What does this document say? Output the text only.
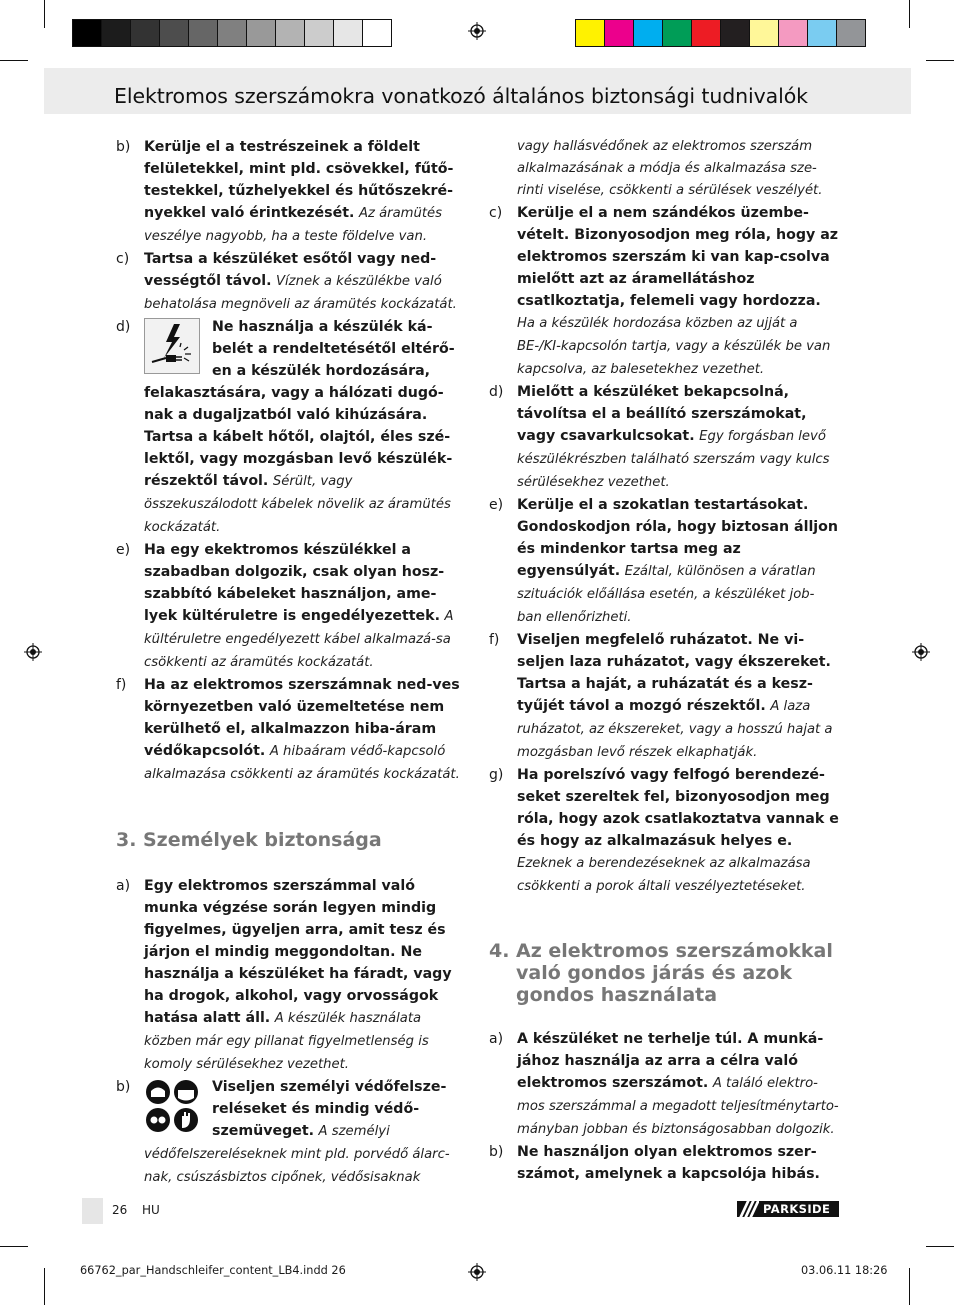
Elektromos szerszámokra vonatkozó általános biztonsági tudnivalók
b) Kerülje el a testrészeinek a földelt felületekkel, mint pld. csövekkel, fűtő-testekkel, tűzhelyekkel és hűtőszekré-nyekkel való érintkezését. Az áramütés veszélye nagyobb, ha a teste földelve van.
c) Tartsa a készüléket esőtől vagy ned-vességtől távol. Víznek a készülékbe való behatolása megnöveli az áramütés kockázatát.
d)	Ne használja a készülék ká-belét a rendeltetésétől eltérő-en a készülék hordozására, felakasztására, vagy a hálózati dugó-nak a dugaljzatból való kihúzására. Tartsa a kábelt hőtől, olajtól, éles szé-lektől, vagy mozgásban levő készülék-részektől távol. Sérült, vagy összekuszálodott kábelek növelik az áramütés kockázatát.
e) Ha egy ekektromos készülékkel a szabadban dolgozik, csak olyan hosz-szabbító kábeleket használjon, ame-lyek kültéruletre is engedélyezettek. A kültéruletre engedélyezett kábel alkalmazá-sa csökkenti az áramütés kockázatát.
f) Ha az elektromos szerszámnak ned-ves környezetben való üzemeltetése nem kerülhető el, alkalmazzon hiba-áram védőkapcsolót. A hibaáram védő-kapcsoló alkalmazása csökkenti az áramütés kockázatát.
3. Személyek biztonsága
a) Egy elektromos szerszámmal való munka végzése során legyen mindig figyelmes, ügyeljen arra, amit tesz és járjon el mindig meggondoltan. Ne használja a készüléket ha fáradt, vagy ha drogok, alkohol, vagy orvosságok hatása alatt áll. A készülék használata közben már egy pillanat figyelmetlenség is komoly sérülésekhez vezethet.
b)	Viseljen személyi védőfelsze-reléseket és mindig védő-szemüveget. A személyi védőfelszereléseknek mint pld. porvédő álarc-nak, csúszásbiztos cipőnek, védősisaknak
vagy hallásvédőnek az elektromos szerszám alkalmazásának a módja és alkalmazása sze-rinti viselése, csökkenti a sérülések veszélyét.
c) Kerülje el a nem szándékos üzembe-vételt. Bizonyosodjon meg róla, hogy az elektromos szerszám ki van kap-csolva mielőtt azt az áramellátáshoz csatlkoztatja, felemeli vagy hordozza. Ha a készülék hordozása közben az ujját a BE-/KI-kapcsolón tartja, vagy a készülék be van kapcsolva, az balesetekhez vezethet.
d) Mielőtt a készüléket bekapcsolná, távolítsa el a beállító szerszámokat, vagy csavarkulcsokat. Egy forgásban levő készülékrészben található szerszám vagy kulcs sérülésekhez vezethet.
e) Kerülje el a szokatlan testartásokat. Gondoskodjon róla, hogy biztosan álljon és mindenkor tartsa meg az egyensúlyát. Ezáltal, különösen a váratlan szituációk előállása esetén, a készüléket job-ban ellenőrizheti.
f) Viseljen megfelelő ruházatot. Ne vi-seljen laza ruházatot, vagy ékszereket. Tartsa a haját, a ruházatát és a kesz-tyűjét távol a mozgó részektől. A laza ruházatot, az ékszereket, vagy a hosszú hajat a mozgásban levő részek elkaphatják.
g) Ha porelszívó vagy felfogó berendezé-seket szereltek fel, bizonyosodjon meg róla, hogy azok csatlakoztatva vannak e és hogy az alkalmazásuk helyes e. Ezeknek a berendezéseknek az alkalmazása csökkenti a porok általi veszélyeztetéseket.
4. Az elektromos szerszámokkal való gondos járás és azok gondos használata
a) A készüléket ne terhelje túl. A munká-jához használja az arra a célra való elektromos szerszámot. A találó elektro-mos szerszámmal a megadott teljesítménytarto-mányban jobban és biztonságosabban dolgozik.
b) Ne használjon olyan elektromos szer-számot, amelynek a kapcsolója hibás.
26 HU	PARKSIDE
66762_par_Handschleifer_content_LB4.indd 26	03.06.11 18:26
